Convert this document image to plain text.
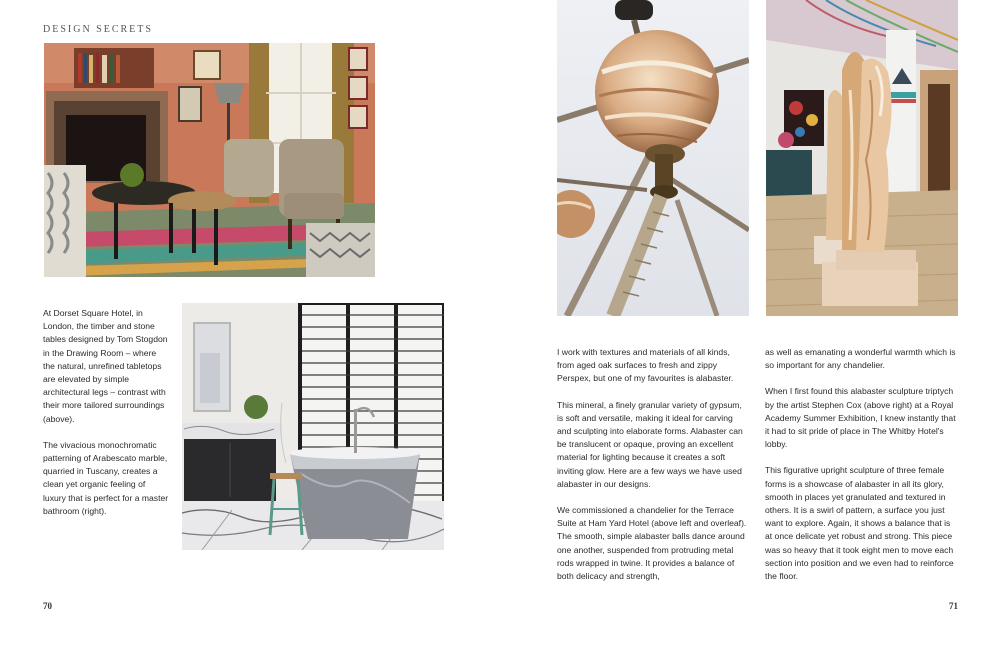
DESIGN SECRETS

At Dorset Square Hotel, in London, the timber and stone tables designed by Tom Stogdon in the Drawing Room – where the natural, unrefined tabletops are elevated by simple architectural legs – contrast with their more tailored surroundings (above).

The vivacious monochromatic patterning of Arabescato marble, quarried in Tuscany, creates a clean yet organic feeling of luxury that is perfect for a master bathroom (right).

70

I work with textures and materials of all kinds, from aged oak surfaces to fresh and zippy Perspex, but one of my favourites is alabaster.

This mineral, a finely granular variety of gypsum, is soft and versatile, making it ideal for carving and sculpting into elaborate forms. Alabaster can be translucent or opaque, proving an excellent material for lighting because it creates a soft inviting glow. Here are a few ways we have used alabaster in our designs.

We commissioned a chandelier for the Terrace Suite at Ham Yard Hotel (above left and overleaf). The smooth, simple alabaster balls dance around one another, suspended from protruding metal rods wrapped in twine. It provides a balance of both delicacy and strength,

as well as emanating a wonderful warmth which is so important for any chandelier.

When I first found this alabaster sculpture triptych by the artist Stephen Cox (above right) at a Royal Academy Summer Exhibition, I knew instantly that it had to sit pride of place in The Whitby Hotel's lobby.

This figurative upright sculpture of three female forms is a showcase of alabaster in all its glory, smooth in places yet granulated and textured in others. It is a swirl of pattern, a surface you just want to explore. Again, it shows a balance that is at once delicate yet robust and strong. This piece was so heavy that it took eight men to move each section into position and we even had to reinforce the floor.

71
